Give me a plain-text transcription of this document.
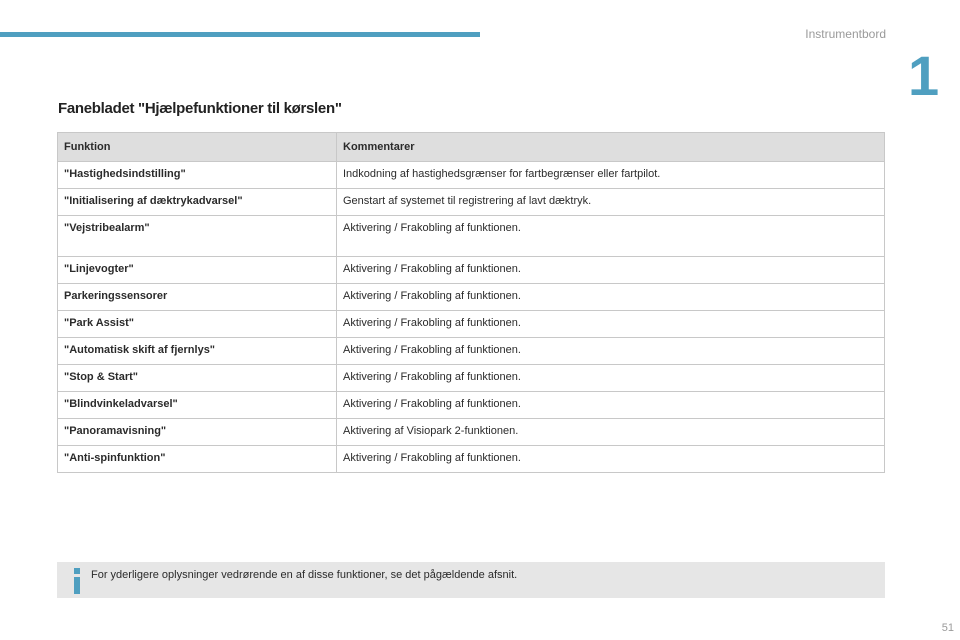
Instrumentbord
1
Fanebladet "Hjælpefunktioner til kørslen"
Funktion	Kommentarer
"Hastighedsindstilling"	Indkodning af hastighedsgrænser for fartbegrænser eller fartpilot.
"Initialisering af dæktrykadvarsel"	Genstart af systemet til registrering af lavt dæktryk.
"Vejstribealarm"	Aktivering / Frakobling af funktionen.
"Linjevogter"	Aktivering / Frakobling af funktionen.
Parkeringssensorer	Aktivering / Frakobling af funktionen.
"Park Assist"	Aktivering / Frakobling af funktionen.
"Automatisk skift af fjernlys"	Aktivering / Frakobling af funktionen.
"Stop & Start"	Aktivering / Frakobling af funktionen.
"Blindvinkeladvarsel"	Aktivering / Frakobling af funktionen.
"Panoramavisning"	Aktivering af Visiopark 2-funktionen.
"Anti-spinfunktion"	Aktivering / Frakobling af funktionen.
For yderligere oplysninger vedrørende en af disse funktioner, se det pågældende afsnit.
51
